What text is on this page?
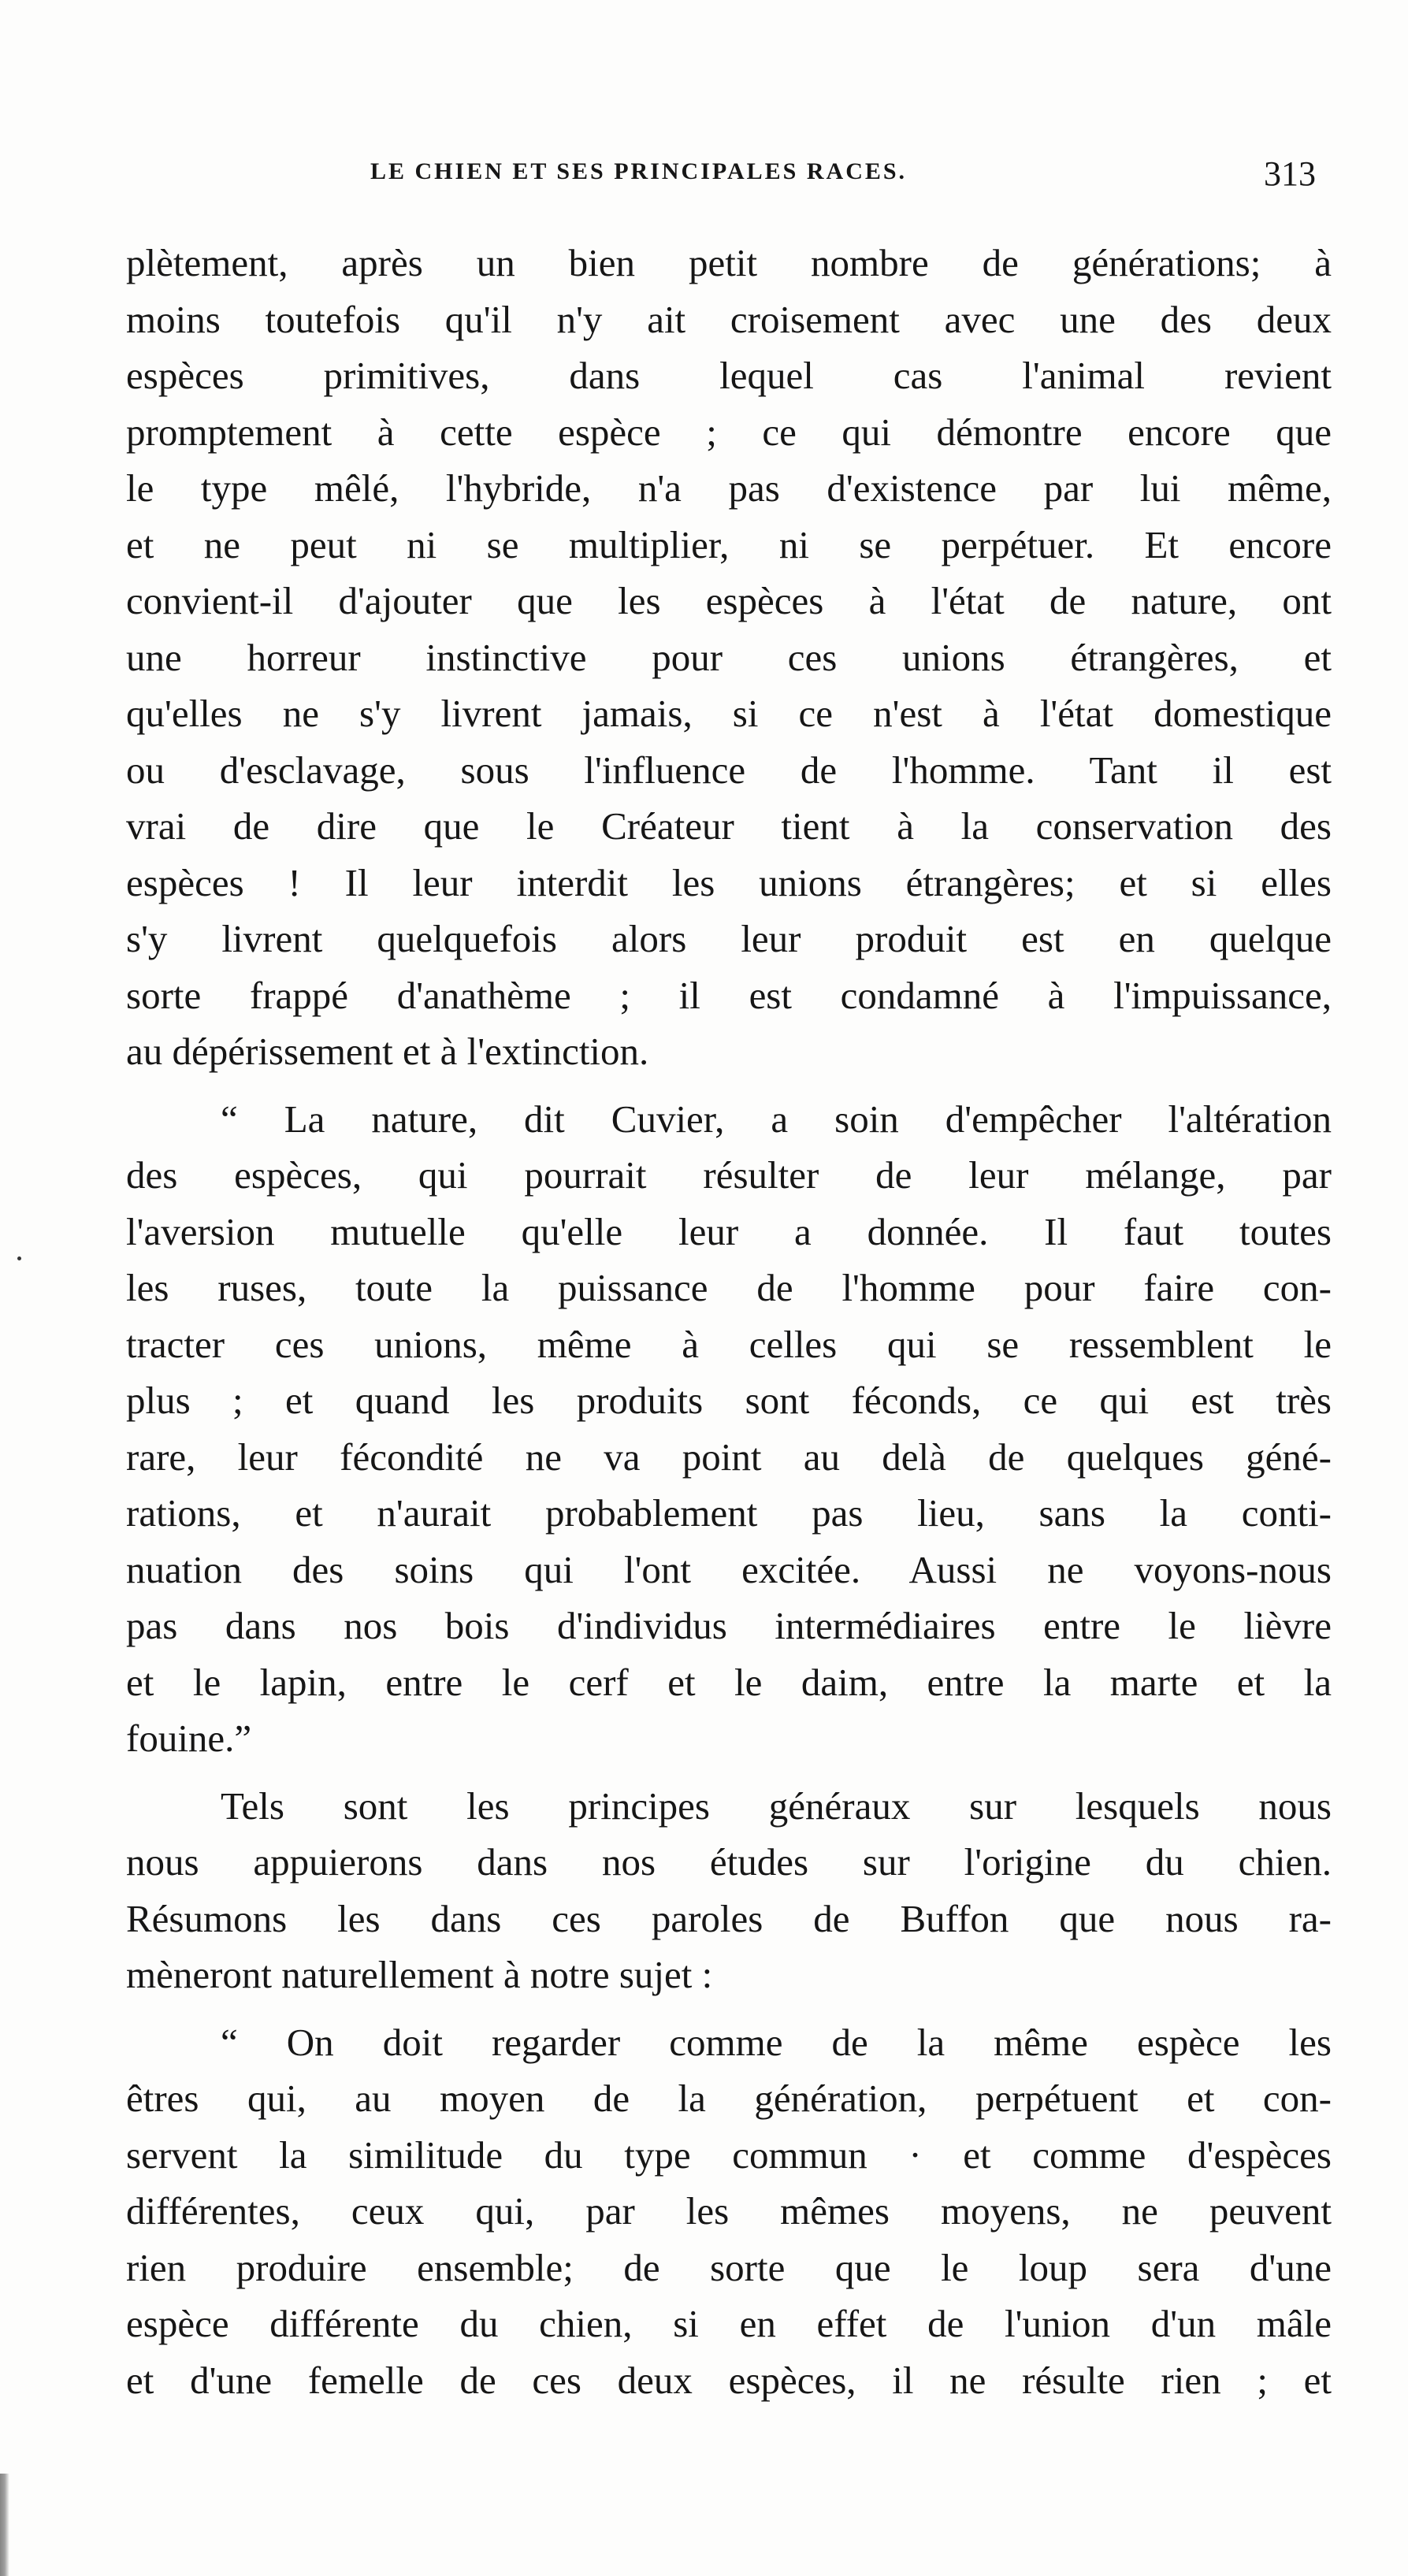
LE CHIEN ET SES PRINCIPALES RACES.	313
plètement, après un bien petit nombre de générations; à
moins toutefois qu'il n'y ait croisement avec une des deux
espèces primitives, dans lequel cas l'animal revient
promptement à cette espèce ; ce qui démontre encore que
le type mêlé, l'hybride, n'a pas d'existence par lui même,
et ne peut ni se multiplier, ni se perpétuer. Et encore
convient-il d'ajouter que les espèces à l'état de nature, ont
une horreur instinctive pour ces unions étrangères, et
qu'elles ne s'y livrent jamais, si ce n'est à l'état domestique
ou d'esclavage, sous l'influence de l'homme. Tant il est
vrai de dire que le Créateur tient à la conservation des
espèces ! Il leur interdit les unions étrangères; et si elles
s'y livrent quelquefois alors leur produit est en quelque
sorte frappé d'anathème ; il est condamné à l'impuissance,
au dépérissement et à l'extinction.
“ La nature, dit Cuvier, a soin d'empêcher l'altération
des espèces, qui pourrait résulter de leur mélange, par
l'aversion mutuelle qu'elle leur a donnée. Il faut toutes
les ruses, toute la puissance de l'homme pour faire con-
tracter ces unions, même à celles qui se ressemblent le
plus ; et quand les produits sont féconds, ce qui est très
rare, leur fécondité ne va point au delà de quelques géné-
rations, et n'aurait probablement pas lieu, sans la conti-
nuation des soins qui l'ont excitée. Aussi ne voyons-nous
pas dans nos bois d'individus intermédiaires entre le lièvre
et le lapin, entre le cerf et le daim, entre la marte et la
fouine.”
Tels sont les principes généraux sur lesquels nous
nous appuierons dans nos études sur l'origine du chien.
Résumons les dans ces paroles de Buffon que nous ra-
mèneront naturellement à notre sujet :
“ On doit regarder comme de la même espèce les
êtres qui, au moyen de la génération, perpétuent et con-
servent la similitude du type commun · et comme d'espèces
différentes, ceux qui, par les mêmes moyens, ne peuvent
rien produire ensemble; de sorte que le loup sera d'une
espèce différente du chien, si en effet de l'union d'un mâle
et d'une femelle de ces deux espèces, il ne résulte rien ; et
